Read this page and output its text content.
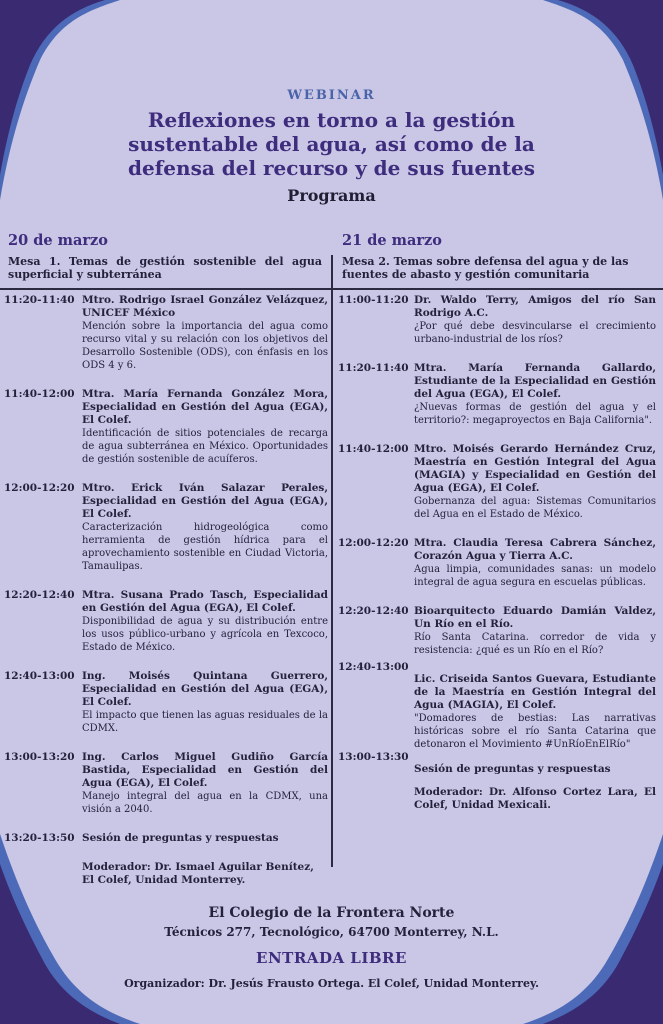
WEBINAR
Reflexiones en torno a la gestión
sustentable del agua, así como de la
defensa del recurso y de sus fuentes
Programa
20 de marzo	21 de marzo
Mesa 1. Temas de gestión sostenible del agua superficial y subterránea
Mesa 2. Temas sobre defensa del agua y de las fuentes de abasto y gestión comunitaria
11:20-11:40 Mtro. Rodrigo Israel González Velázquez, UNICEF México
Mención sobre la importancia del agua como recurso vital y su relación con los objetivos del Desarrollo Sostenible (ODS), con énfasis en los ODS 4 y 6.
11:40-12:00 Mtra. María Fernanda González Mora, Especialidad en Gestión del Agua (EGA), El Colef.
Identificación de sitios potenciales de recarga de agua subterránea en México. Oportunidades de gestión sostenible de acuíferos.
12:00-12:20 Mtro. Erick Iván Salazar Perales, Especialidad en Gestión del Agua (EGA), El Colef.
Caracterización hidrogeológica como herramienta de gestión hídrica para el aprovechamiento sostenible en Ciudad Victoria, Tamaulipas.
12:20-12:40 Mtra. Susana Prado Tasch, Especialidad en Gestión del Agua (EGA), El Colef.
Disponibilidad de agua y su distribución entre los usos público-urbano y agrícola en Texcoco, Estado de México.
12:40-13:00 Ing. Moisés Quintana Guerrero, Especialidad en Gestión del Agua (EGA), El Colef.
El impacto que tienen las aguas residuales de la CDMX.
13:00-13:20 Ing. Carlos Miguel Gudiño García Bastida, Especialidad en Gestión del Agua (EGA), El Colef.
Manejo integral del agua en la CDMX, una visión a 2040.
13:20-13:50 Sesión de preguntas y respuestas
Moderador: Dr. Ismael Aguilar Benítez, El Colef, Unidad Monterrey.
11:00-11:20 Dr. Waldo Terry, Amigos del río San Rodrigo A.C.
¿Por qué debe desvincularse el crecimiento urbano-industrial de los ríos?
11:20-11:40 Mtra. María Fernanda Gallardo, Estudiante de la Especialidad en Gestión del Agua (EGA), El Colef.
¿Nuevas formas de gestión del agua y el territorio?: megaproyectos en Baja California".
11:40-12:00 Mtro. Moisés Gerardo Hernández Cruz, Maestría en Gestión Integral del Agua (MAGIA) y Especialidad en Gestión del Agua (EGA), El Colef.
Gobernanza del agua: Sistemas Comunitarios del Agua en el Estado de México.
12:00-12:20 Mtra. Claudia Teresa Cabrera Sánchez, Corazón Agua y Tierra A.C.
Agua limpia, comunidades sanas: un modelo integral de agua segura en escuelas públicas.
12:20-12:40 Bioarquitecto Eduardo Damián Valdez, Un Río en el Río.
Río Santa Catarina. corredor de vida y resistencia: ¿qué es un Río en el Río?
12:40-13:00
Lic. Criseida Santos Guevara, Estudiante de la Maestría en Gestión Integral del Agua (MAGIA), El Colef.
"Domadores de bestias: Las narrativas históricas sobre el río Santa Catarina que detonaron el Movimiento #UnRíoEnElRío"
13:00-13:30
Sesión de preguntas y respuestas
Moderador: Dr. Alfonso Cortez Lara, El Colef, Unidad Mexicali.
El Colegio de la Frontera Norte
Técnicos 277, Tecnológico, 64700 Monterrey, N.L.
ENTRADA LIBRE
Organizador: Dr. Jesús Frausto Ortega. El Colef, Unidad Monterrey.
